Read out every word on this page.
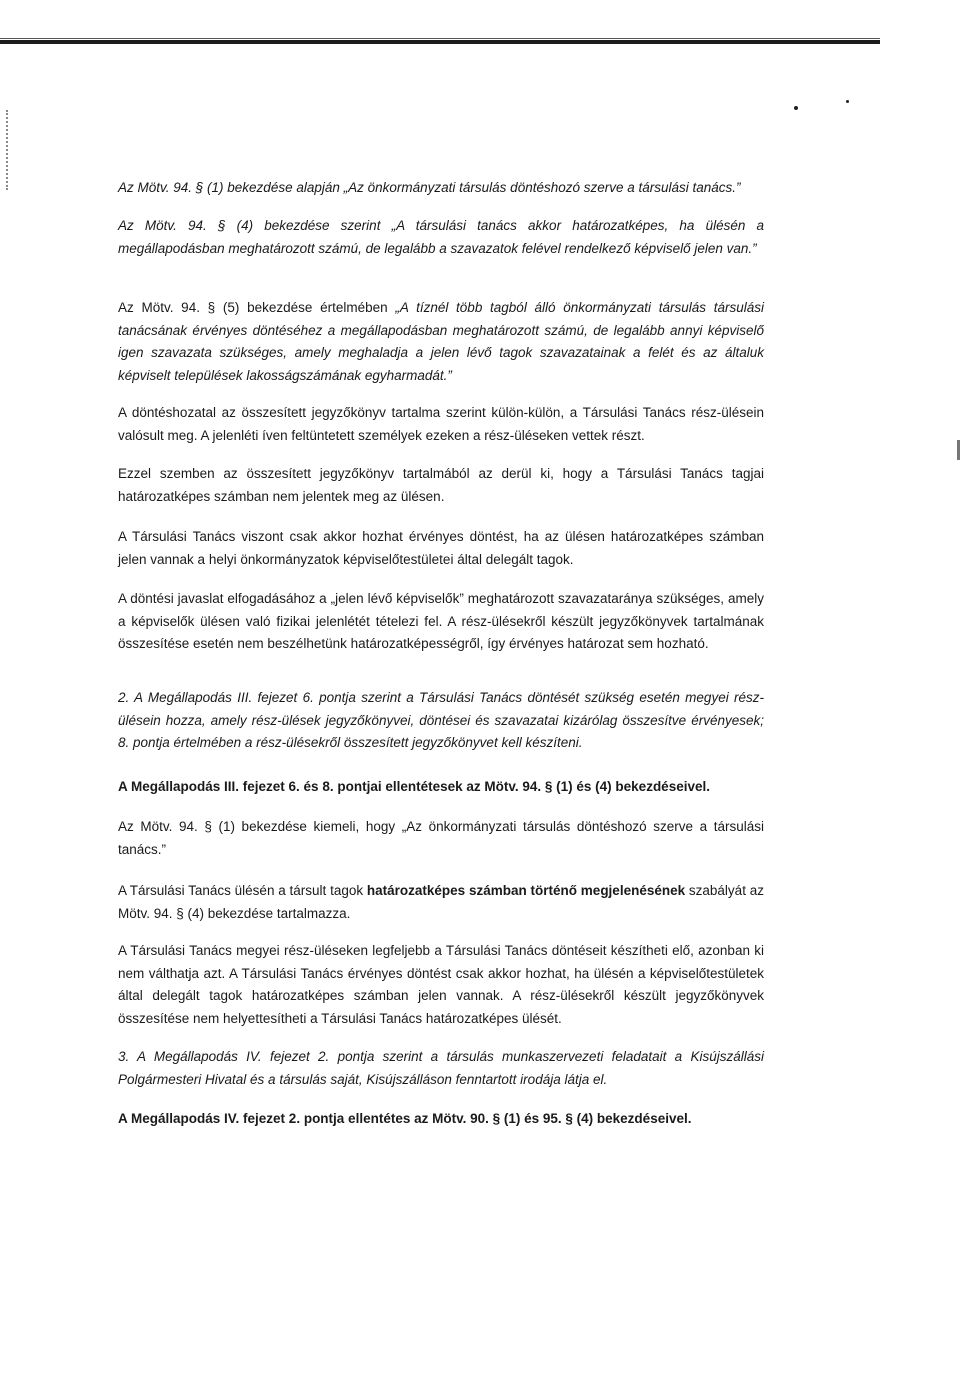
Az Mötv. 94. § (1) bekezdése alapján „Az önkormányzati társulás döntéshozó szerve a társulási tanács.”

Az Mötv. 94. § (4) bekezdése szerint „A társulási tanács akkor határozatképes, ha ülésén a megállapodásban meghatározott számú, de legalább a szavazatok felével rendelkező képviselő jelen van.”

Az Mötv. 94. § (5) bekezdése értelmében „A tíznél több tagból álló önkormányzati társulás társulási tanácsának érvényes döntéséhez a megállapodásban meghatározott számú, de legalább annyi képviselő igen szavazata szükséges, amely meghaladja a jelen lévő tagok szavazatainak a felét és az általuk képviselt települések lakosságszámának egyharmadát.”

A döntéshozatal az összesített jegyzőkönyv tartalma szerint külön-külön, a Társulási Tanács rész-ülésein valósult meg. A jelenléti íven feltüntetett személyek ezeken a rész-üléseken vettek részt.

Ezzel szemben az összesített jegyzőkönyv tartalmából az derül ki, hogy a Társulási Tanács tagjai határozatképes számban nem jelentek meg az ülésen.

A Társulási Tanács viszont csak akkor hozhat érvényes döntést, ha az ülésen határozatképes számban jelen vannak a helyi önkormányzatok képviselőtestületei által delegált tagok.

A döntési javaslat elfogadásához a „jelen lévő képviselők” meghatározott szavazataránya szükséges, amely a képviselők ülésen való fizikai jelenlétét tételezi fel. A rész-ülésekről készült jegyzőkönyvek tartalmának összesítése esetén nem beszélhetünk határozatképességről, így érvényes határozat sem hozható.

2. A Megállapodás III. fejezet 6. pontja szerint a Társulási Tanács döntését szükség esetén megyei rész-ülésein hozza, amely rész-ülések jegyzőkönyvei, döntései és szavazatai kizárólag összesítve érvényesek; 8. pontja értelmében a rész-ülésekről összesített jegyzőkönyvet kell készíteni.

A Megállapodás III. fejezet 6. és 8. pontjai ellentétesek az Mötv. 94. § (1) és (4) bekezdéseivel.

Az Mötv. 94. § (1) bekezdése kiemeli, hogy „Az önkormányzati társulás döntéshozó szerve a társulási tanács.”

A Társulási Tanács ülésén a társult tagok határozatképes számban történő megjelenésének szabályát az Mötv. 94. § (4) bekezdése tartalmazza.

A Társulási Tanács megyei rész-üléseken legfeljebb a Társulási Tanács döntéseit készítheti elő, azonban ki nem válthatja azt. A Társulási Tanács érvényes döntést csak akkor hozhat, ha ülésén a képviselőtestületek által delegált tagok határozatképes számban jelen vannak. A rész-ülésekről készült jegyzőkönyvek összesítése nem helyettesítheti a Társulási Tanács határozatképes ülését.

3. A Megállapodás IV. fejezet 2. pontja szerint a társulás munkaszervezeti feladatait a Kisújszállási Polgármesteri Hivatal és a társulás saját, Kisújszálláson fenntartott irodája látja el.

A Megállapodás IV. fejezet 2. pontja ellentétes az Mötv. 90. § (1) és 95. § (4) bekezdéseivel.
